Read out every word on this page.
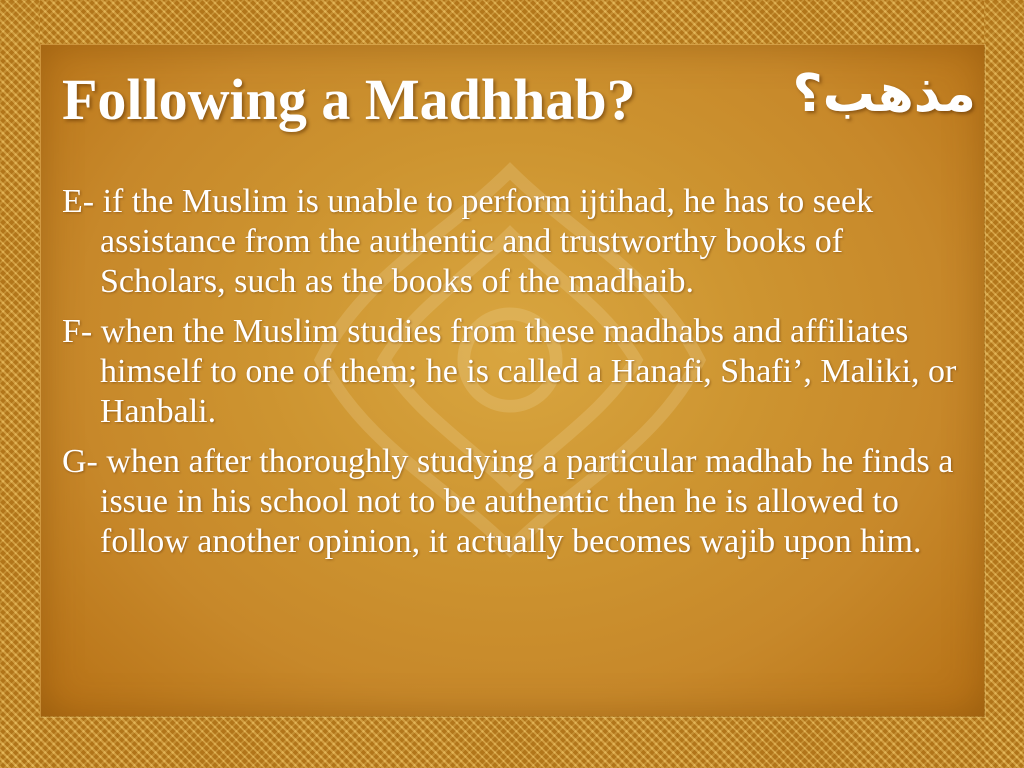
Following a Madhhab?	مذهب؟

E- if the Muslim is unable to perform ijtihad, he has to seek assistance from the authentic and trustworthy books of Scholars, such as the books of the madhaib.

F- when the Muslim studies from these madhabs and affiliates himself to one of them; he is called a Hanafi, Shafi’, Maliki, or Hanbali.

G- when after thoroughly studying a particular madhab he finds a issue in his school not to be authentic then he is allowed to follow another opinion, it actually becomes wajib upon him.
